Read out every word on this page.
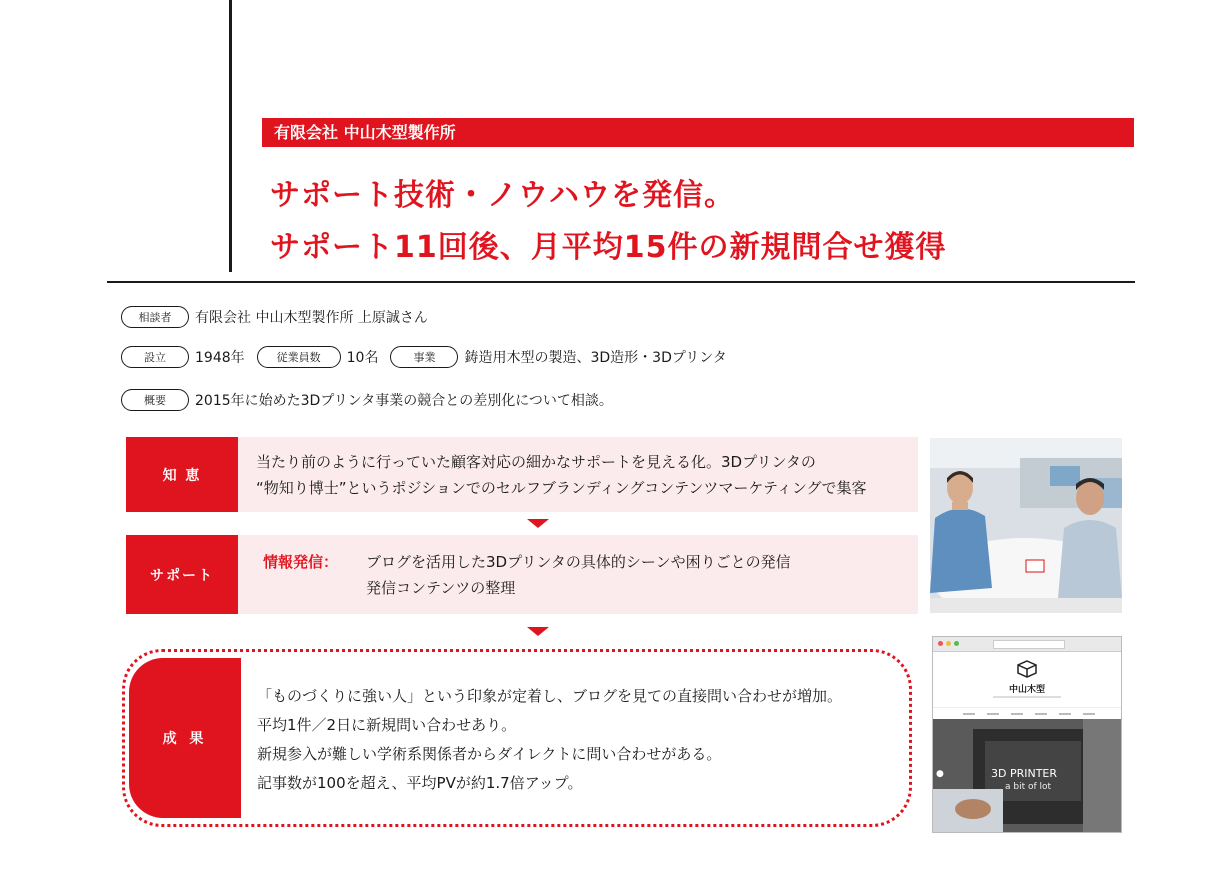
有限会社 中山木型製作所
サポート技術・ノウハウを発信。
サポート11回後、月平均15件の新規問合せ獲得
相談者	有限会社 中山木型製作所 上原誠さん
設立	1948年	従業員数	10名	事業	鋳造用木型の製造、3D造形・3Dプリンタ
概要	2015年に始めた3Dプリンタ事業の競合との差別化について相談。
知 恵
当たり前のように行っていた顧客対応の細かなサポートを見える化。3Dプリンタの
“物知り博士”というポジションでのセルフブランディングコンテンツマーケティングで集客
サポート
情報発信： ブログを活用した3Dプリンタの具体的シーンや困りごとの発信
発信コンテンツの整理
成 果
「ものづくりに強い人」という印象が定着し、ブログを見ての直接問い合わせが増加。
平均1件／2日に新規問い合わせあり。
新規参入が難しい学術系関係者からダイレクトに問い合わせがある。
記事数が100を超え、平均PVが約1.7倍アップ。
中山木型
3D PRINTER
a bit of lot
●
